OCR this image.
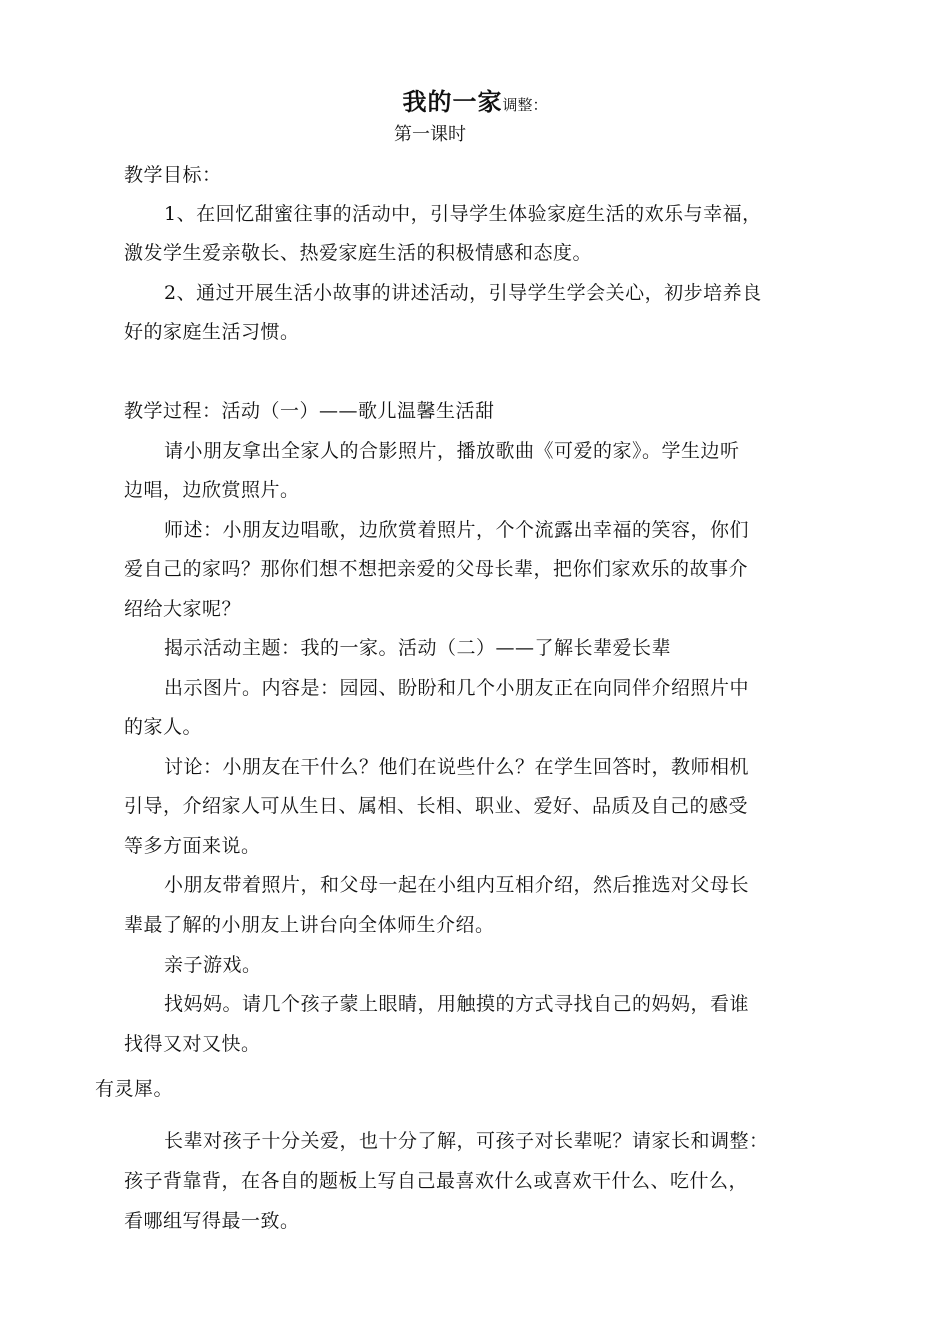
我的一家调整：
第一课时
教学目标：
1、在回忆甜蜜往事的活动中，引导学生体验家庭生活的欢乐与幸福，
激发学生爱亲敬长、热爱家庭生活的积极情感和态度。
2、通过开展生活小故事的讲述活动，引导学生学会关心，初步培养良
好的家庭生活习惯。
教学过程：活动（一）——歌儿温馨生活甜
请小朋友拿出全家人的合影照片，播放歌曲《可爱的家》。学生边听
边唱，边欣赏照片。
师述：小朋友边唱歌，边欣赏着照片，个个流露出幸福的笑容，你们
爱自己的家吗？那你们想不想把亲爱的父母长辈，把你们家欢乐的故事介
绍给大家呢？
揭示活动主题：我的一家。活动（二）——了解长辈爱长辈
出示图片。内容是：园园、盼盼和几个小朋友正在向同伴介绍照片中
的家人。
讨论：小朋友在干什么？他们在说些什么？在学生回答时，教师相机
引导，介绍家人可从生日、属相、长相、职业、爱好、品质及自己的感受
等多方面来说。
小朋友带着照片，和父母一起在小组内互相介绍，然后推选对父母长
辈最了解的小朋友上讲台向全体师生介绍。
亲子游戏。
找妈妈。请几个孩子蒙上眼睛，用触摸的方式寻找自己的妈妈，看谁
找得又对又快。
有灵犀。
长辈对孩子十分关爱，也十分了解，可孩子对长辈呢？请家长和调整：
孩子背靠背，在各自的题板上写自己最喜欢什么或喜欢干什么、吃什么，
看哪组写得最一致。
